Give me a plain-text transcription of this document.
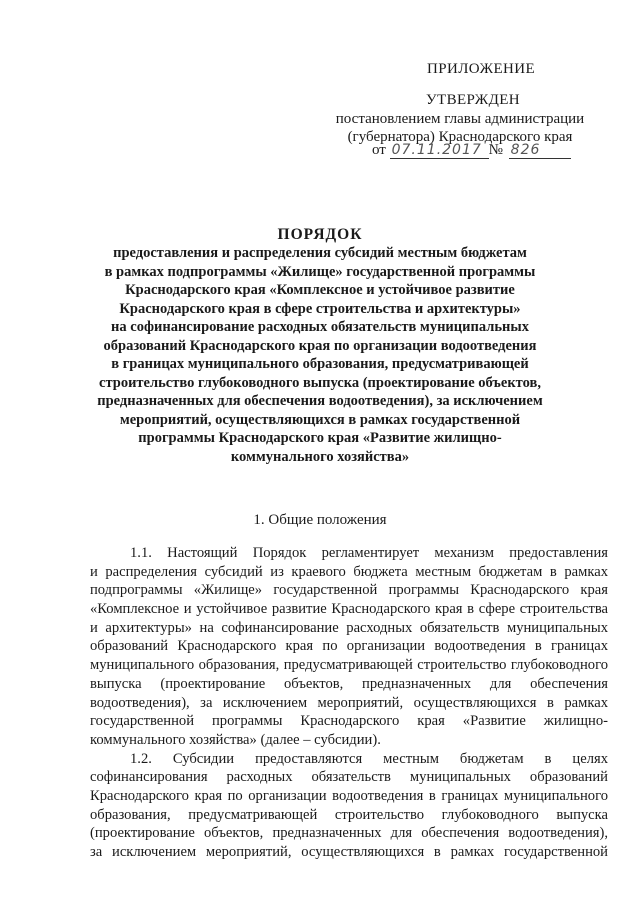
ПРИЛОЖЕНИЕ
УТВЕРЖДЕН
постановлением главы администрации
(губернатора) Краснодарского края
от 07.11.2017 № 826
ПОРЯДОК
предоставления и распределения субсидий местным бюджетам
в рамках подпрограммы «Жилище» государственной программы
Краснодарского края «Комплексное и устойчивое развитие
Краснодарского края в сфере строительства и архитектуры»
на софинансирование расходных обязательств муниципальных
образований Краснодарского края по организации водоотведения
в границах муниципального образования, предусматривающей
строительство глубоководного выпуска (проектирование объектов,
предназначенных для обеспечения водоотведения), за исключением
мероприятий, осуществляющихся в рамках государственной
программы Краснодарского края «Развитие жилищно-
коммунального хозяйства»
1. Общие положения
1.1. Настоящий Порядок регламентирует механизм предоставления
и распределения субсидий из краевого бюджета местным бюджетам в рамках
подпрограммы «Жилище» государственной программы Краснодарского края
«Комплексное и устойчивое развитие Краснодарского края в сфере строительства
и архитектуры» на софинансирование расходных обязательств муниципальных
образований Краснодарского края по организации водоотведения в границах
муниципального образования, предусматривающей строительство глубоководного
выпуска (проектирование объектов, предназначенных для обеспечения
водоотведения), за исключением мероприятий, осуществляющихся в рамках
государственной программы Краснодарского края «Развитие жилищно-
коммунального хозяйства» (далее – субсидии).
1.2. Субсидии предоставляются местным бюджетам в целях
софинансирования расходных обязательств муниципальных образований
Краснодарского края по организации водоотведения в границах муниципального
образования, предусматривающей строительство глубоководного выпуска
(проектирование объектов, предназначенных для обеспечения водоотведения),
за исключением мероприятий, осуществляющихся в рамках государственной
